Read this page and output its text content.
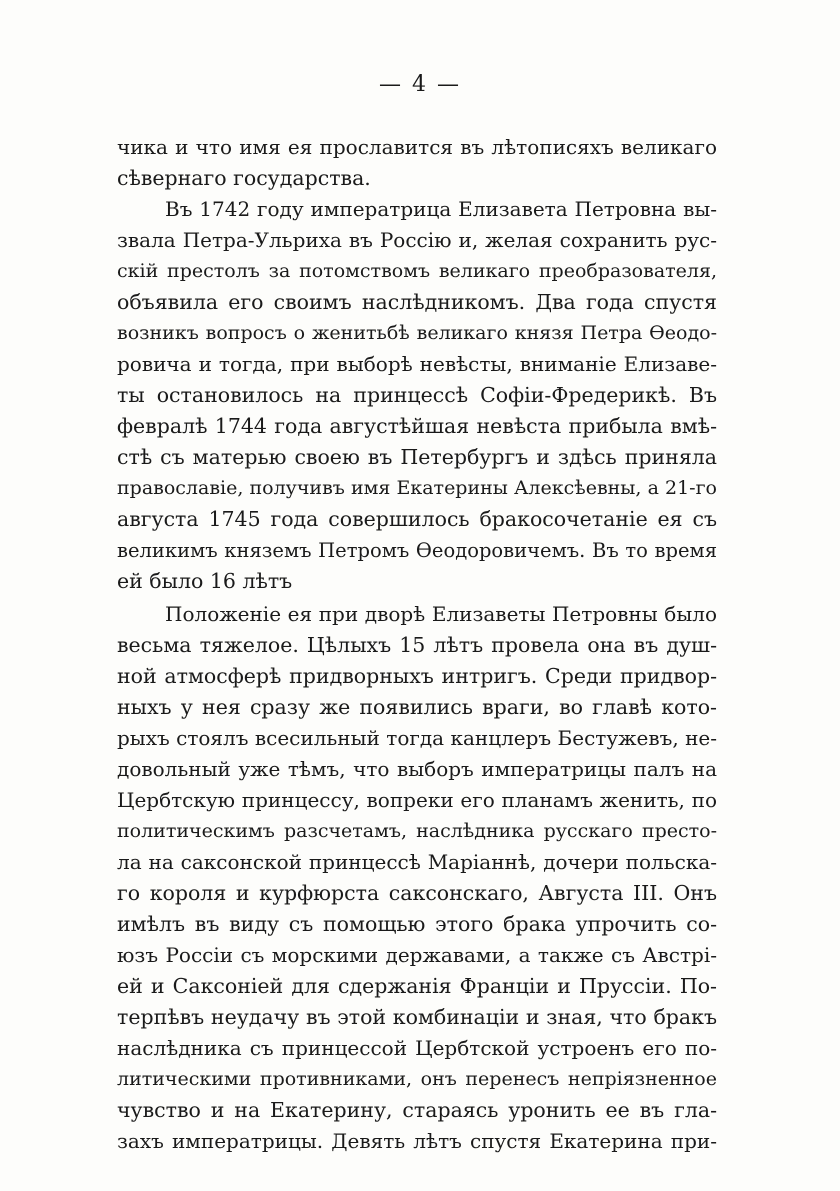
— 4 —
чика и что имя ея прославится въ лѣтописяхъ великаго
сѣвернаго государства.
Въ 1742 году императрица Елизавета Петровна вы-
звала Петра-Ульриха въ Россiю и, желая сохранить рус-
скiй престолъ за потомствомъ великаго преобразователя,
объявила его своимъ наслѣдникомъ. Два года спустя
возникъ вопросъ о женитьбѣ великаго князя Петра Ѳеодо-
ровича и тогда, при выборѣ невѣсты, вниманiе Елизаве-
ты остановилось на принцессѣ Софiи-Фредерикѣ. Въ
февралѣ 1744 года августѣйшая невѣста прибыла вмѣ-
стѣ съ матерью своею въ Петербургъ и здѣсь приняла
православiе, получивъ имя Екатерины Алексѣевны, а 21-го
августа 1745 года совершилось бракосочетанiе ея съ
великимъ княземъ Петромъ Ѳеодоровичемъ. Въ то время
ей было 16 лѣтъ
Положенiе ея при дворѣ Елизаветы Петровны было
весьма тяжелое. Цѣлыхъ 15 лѣтъ провела она въ душ-
ной атмосферѣ придворныхъ интригъ. Среди придвор-
ныхъ у нея сразу же появились враги, во главѣ кото-
рыхъ стоялъ всесильный тогда канцлеръ Бестужевъ, не-
довольный уже тѣмъ, что выборъ императрицы палъ на
Цербтскую принцессу, вопреки его планамъ женить, по
политическимъ разсчетамъ, наслѣдника русскаго престо-
ла на саксонской принцессѣ Марiаннѣ, дочери польска-
го короля и курфюрста саксонскаго, Августа III. Онъ
имѣлъ въ виду съ помощью этого брака упрочить со-
юзъ Россiи съ морскими державами, а также съ Австрi-
ей и Саксонiей для сдержанiя Францiи и Пруссiи. По-
терпѣвъ неудачу въ этой комбинацiи и зная, что бракъ
наслѣдника съ принцессой Цербтской устроенъ его по-
литическими противниками, онъ перенесъ непрiязненное
чувство и на Екатерину, стараясь уронить ее въ гла-
захъ императрицы. Девять лѣтъ спустя Екатерина при-
